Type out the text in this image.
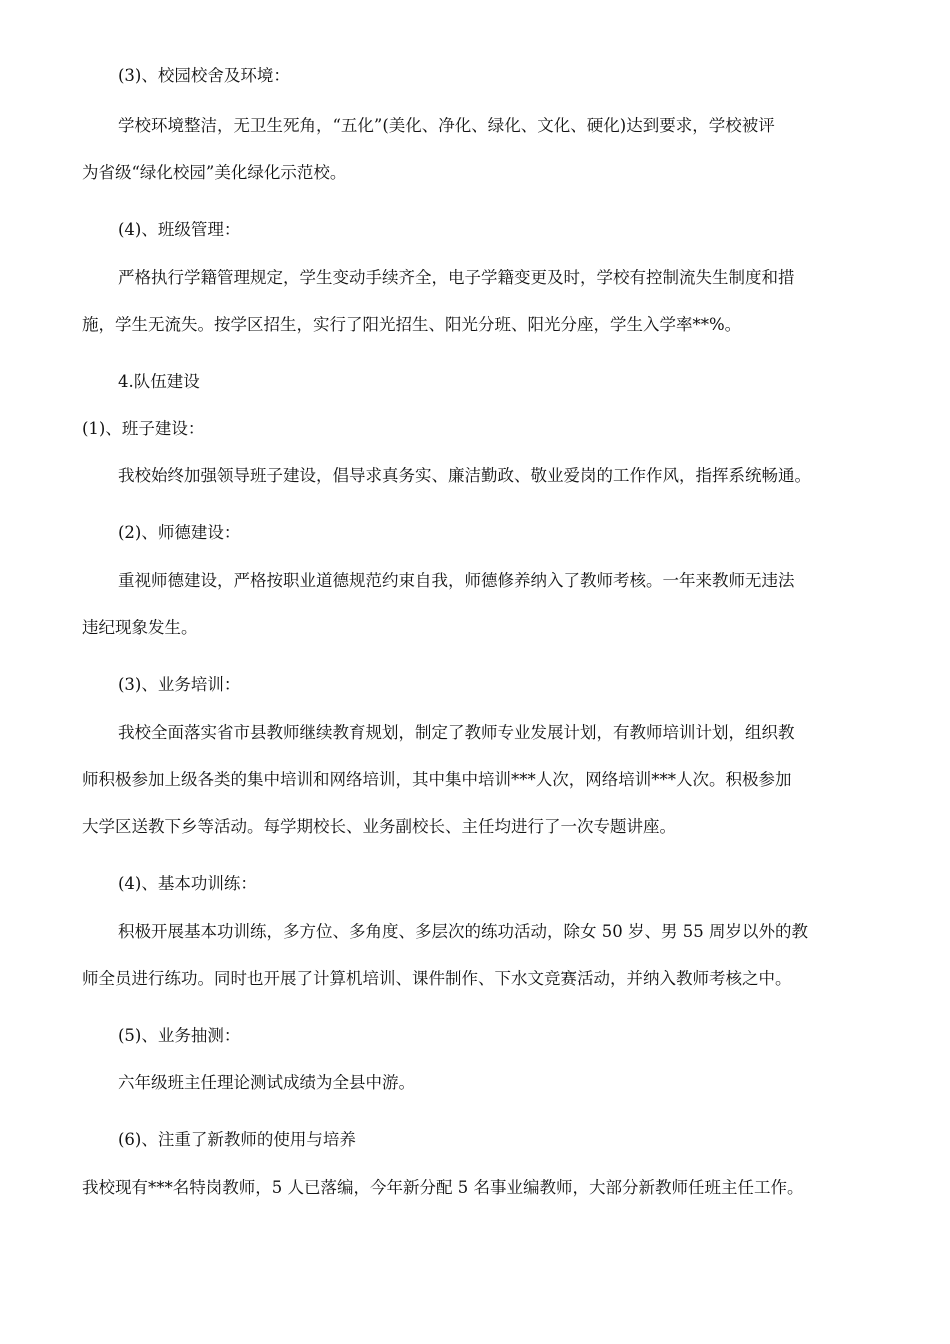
(3)、校园校舍及环境：
学校环境整洁，无卫生死角，“五化”(美化、净化、绿化、文化、硬化)达到要求，学校被评
为省级“绿化校园”美化绿化示范校。
(4)、班级管理：
严格执行学籍管理规定，学生变动手续齐全，电子学籍变更及时，学校有控制流失生制度和措
施，学生无流失。按学区招生，实行了阳光招生、阳光分班、阳光分座，学生入学率**%。
4.队伍建设
(1)、班子建设：
我校始终加强领导班子建设，倡导求真务实、廉洁勤政、敬业爱岗的工作作风，指挥系统畅通。
(2)、师德建设：
重视师德建设，严格按职业道德规范约束自我，师德修养纳入了教师考核。一年来教师无违法
违纪现象发生。
(3)、业务培训：
我校全面落实省市县教师继续教育规划，制定了教师专业发展计划，有教师培训计划，组织教
师积极参加上级各类的集中培训和网络培训，其中集中培训***人次，网络培训***人次。积极参加
大学区送教下乡等活动。每学期校长、业务副校长、主任均进行了一次专题讲座。
(4)、基本功训练：
积极开展基本功训练，多方位、多角度、多层次的练功活动，除女 50 岁、男 55 周岁以外的教
师全员进行练功。同时也开展了计算机培训、课件制作、下水文竞赛活动，并纳入教师考核之中。
(5)、业务抽测：
六年级班主任理论测试成绩为全县中游。
(6)、注重了新教师的使用与培养
我校现有***名特岗教师，5 人已落编，今年新分配 5 名事业编教师，大部分新教师任班主任工作。
